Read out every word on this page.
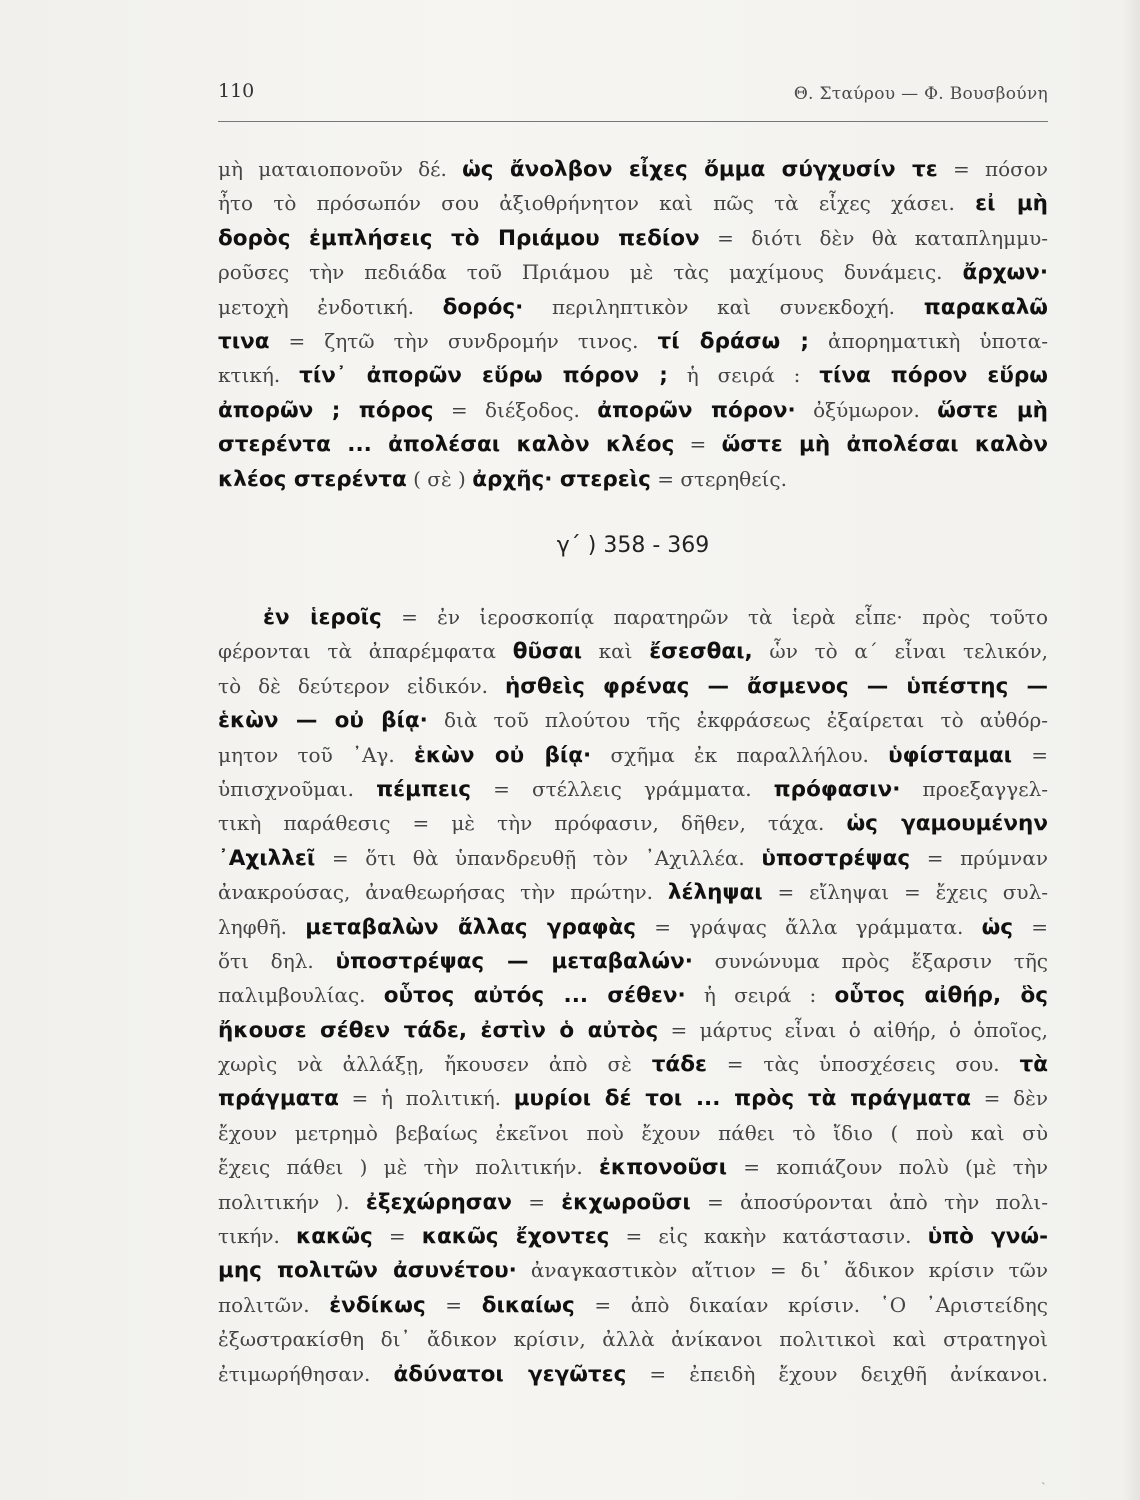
110	Θ. Σταύρου — Φ. Βουσβούνη
μὴ ματαιοπονοῦν δέ. ὡς ἄνολβον εἶχες ὄμμα σύγχυσίν τε = πόσον
ἦτο τὸ πρόσωπόν σου ἀξιοθρήνητον καὶ πῶς τὰ εἶχες χάσει. εἰ μὴ
δορὸς ἐμπλήσεις τὸ Πριάμου πεδίον = διότι δὲν θὰ καταπλημμυ-
ροῦσες τὴν πεδιάδα τοῦ Πριάμου μὲ τὰς μαχίμους δυνάμεις. ἄρχων·
μετοχὴ ἐνδοτική. δορός· περιληπτικὸν καὶ συνεκδοχή. παρακαλῶ
τινα = ζητῶ τὴν συνδρομήν τινος. τί δράσω ; ἀπορηματικὴ ὑποτα-
κτική. τίν᾽ ἀπορῶν εὕρω πόρον ; ἡ σειρά : τίνα πόρον εὕρω
ἀπορῶν ; πόρος = διέξοδος. ἀπορῶν πόρον· ὀξύμωρον. ὥστε μὴ
στερέντα ... ἀπολέσαι καλὸν κλέος = ὥστε μὴ ἀπολέσαι καλὸν
κλέος στερέντα ( σὲ ) ἀρχῆς· στερεὶς = στερηθείς.
γ΄ ) 358 - 369
ἐν ἱεροῖς = ἐν ἱεροσκοπίᾳ παρατηρῶν τὰ ἱερὰ εἶπε· πρὸς τοῦτο
φέρονται τὰ ἀπαρέμφατα θῦσαι καὶ ἔσεσθαι, ὧν τὸ α΄ εἶναι τελικόν,
τὸ δὲ δεύτερον εἰδικόν. ἡσθεὶς φρένας — ἄσμενος — ὑπέστης —
ἑκὼν — οὐ βίᾳ· διὰ τοῦ πλούτου τῆς ἐκφράσεως ἐξαίρεται τὸ αὐθόρ-
μητον τοῦ ᾽Αγ. ἑκὼν οὐ βίᾳ· σχῆμα ἐκ παραλλήλου. ὑφίσταμαι =
ὑπισχνοῦμαι. πέμπεις = στέλλεις γράμματα. πρόφασιν· προεξαγγελ-
τικὴ παράθεσις = μὲ τὴν πρόφασιν, δῆθεν, τάχα. ὡς γαμουμένην
᾽Αχιλλεῖ = ὅτι θὰ ὑπανδρευθῇ τὸν ᾽Αχιλλέα. ὑποστρέψας = πρύμναν
ἀνακρούσας, ἀναθεωρήσας τὴν πρώτην. λέληψαι = εἴληψαι = ἔχεις συλ-
ληφθῆ. μεταβαλὼν ἄλλας γραφὰς = γράψας ἄλλα γράμματα. ὡς =
ὅτι δηλ. ὑποστρέψας — μεταβαλών· συνώνυμα πρὸς ἔξαρσιν τῆς
παλιμβουλίας. οὗτος αὐτός ... σέθεν· ἡ σειρά : οὗτος αἰθήρ, ὃς
ἤκουσε σέθεν τάδε, ἐστὶν ὁ αὐτὸς = μάρτυς εἶναι ὁ αἰθήρ, ὁ ὁποῖος,
χωρὶς νὰ ἀλλάξῃ, ἤκουσεν ἀπὸ σὲ τάδε = τὰς ὑποσχέσεις σου. τὰ
πράγματα = ἡ πολιτική. μυρίοι δέ τοι ... πρὸς τὰ πράγματα = δὲν
ἔχουν μετρημὸ βεβαίως ἐκεῖνοι ποὺ ἔχουν πάθει τὸ ἴδιο ( ποὺ καὶ σὺ
ἔχεις πάθει ) μὲ τὴν πολιτικήν. ἐκπονοῦσι = κοπιάζουν πολὺ (μὲ τὴν
πολιτικήν ). ἐξεχώρησαν = ἐκχωροῦσι = ἀποσύρονται ἀπὸ τὴν πολι-
τικήν. κακῶς = κακῶς ἔχοντες = εἰς κακὴν κατάστασιν. ὑπὸ γνώ-
μης πολιτῶν ἀσυνέτου· ἀναγκαστικὸν αἴτιον = δι᾽ ἄδικον κρίσιν τῶν
πολιτῶν. ἐνδίκως = δικαίως = ἀπὸ δικαίαν κρίσιν. ῾Ο ᾽Αριστείδης
ἐξωστρακίσθη δι᾽ ἄδικον κρίσιν, ἀλλὰ ἀνίκανοι πολιτικοὶ καὶ στρατηγοὶ
ἐτιμωρήθησαν. ἀδύνατοι γεγῶτες = ἐπειδὴ ἔχουν δειχθῆ ἀνίκανοι.
˴
